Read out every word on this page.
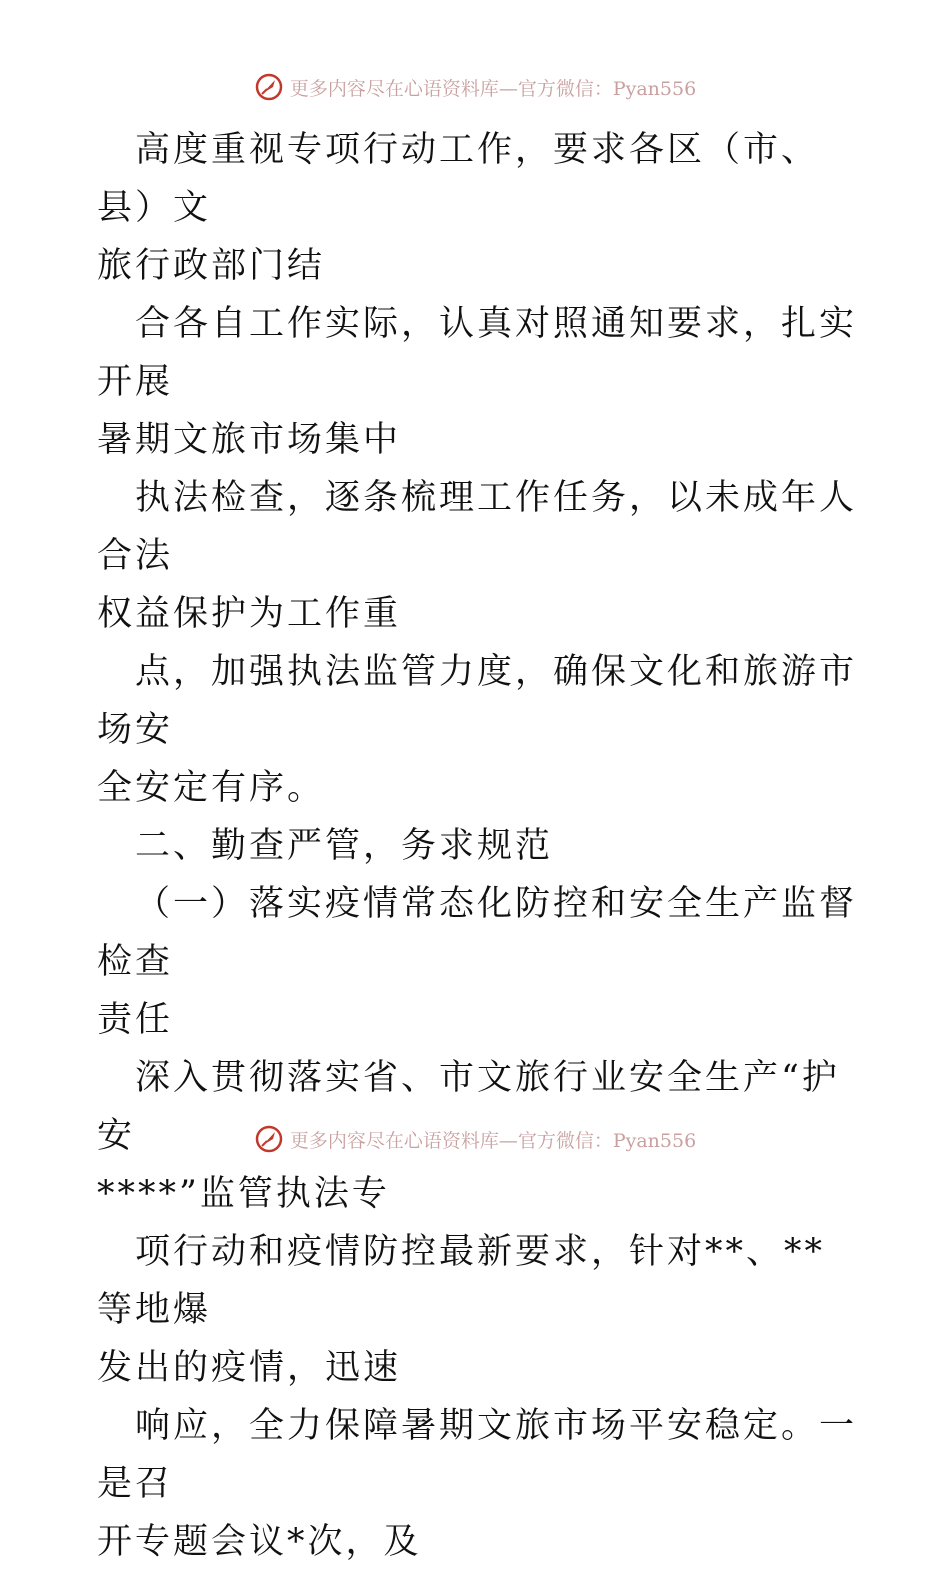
更多内容尽在心语资料库—官方微信：Pyan556

高度重视专项行动工作，要求各区（市、县）文
旅行政部门结

合各自工作实际，认真对照通知要求，扎实开展
暑期文旅市场集中

执法检查，逐条梳理工作任务，以未成年人合法
权益保护为工作重

点，加强执法监管力度，确保文化和旅游市场安
全安定有序。

二、勤查严管，务求规范

（一）落实疫情常态化防控和安全生产监督检查
责任

深入贯彻落实省、市文旅行业安全生产“护安
****”监管执法专

项行动和疫情防控最新要求，针对**、**等地爆
发出的疫情，迅速

响应，全力保障暑期文旅市场平安稳定。一是召
开专题会议*次，及

更多内容尽在心语资料库—官方微信：Pyan556
